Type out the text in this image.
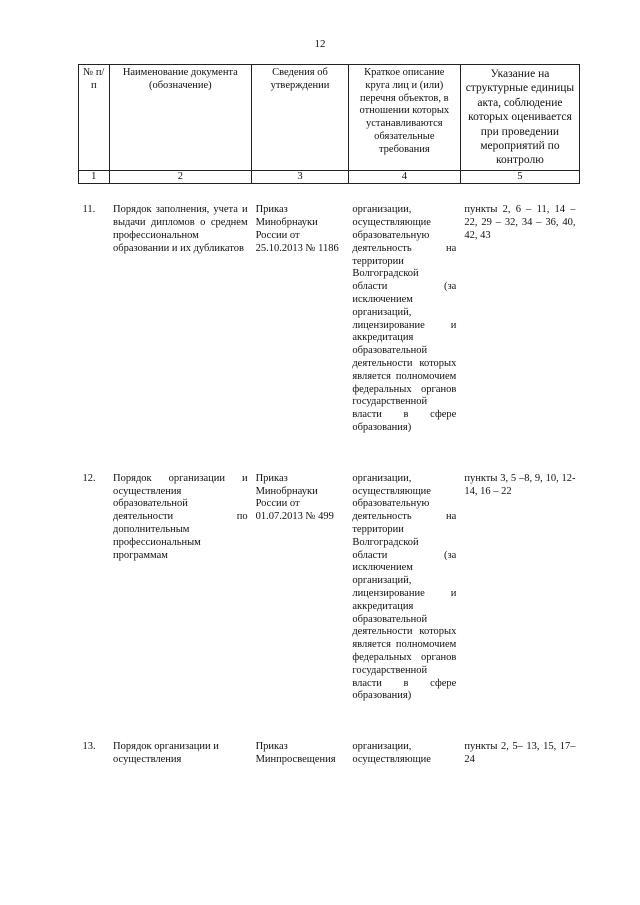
12
№ п/п	Наименование документа (обозначение)	Сведения об утверждении	Краткое описание круга лиц и (или) перечня объектов, в отношении которых устанавливаются обязательные требования	Указание на структурные единицы акта, соблюдение которых оценивается при проведении мероприятий по контролю
1	2	3	4	5

11.	Порядок заполнения, учета и выдачи дипломов о среднем профессиональном образовании и их дубликатов	Приказ Минобрнауки России от 25.10.2013 № 1186	организации, осуществляющие образовательную деятельность на территории Волгоградской области (за исключением организаций, лицензирование и аккредитация образовательной деятельности которых является полномочием федеральных органов государственной власти в сфере образования)	пункты 2, 6 – 11, 14 – 22, 29 – 32, 34 – 36, 40, 42, 43

12.	Порядок организации и осуществления образовательной деятельности по дополнительным профессиональным программам	Приказ Минобрнауки России от 01.07.2013 № 499	организации, осуществляющие образовательную деятельность на территории Волгоградской области (за исключением организаций, лицензирование и аккредитация образовательной деятельности которых является полномочием федеральных органов государственной власти в сфере образования)	пункты 3, 5 –8, 9, 10, 12-14, 16 – 22

13.	Порядок организации и осуществления	Приказ Минпросвещения	организации, осуществляющие	пункты 2, 5– 13, 15, 17– 24
